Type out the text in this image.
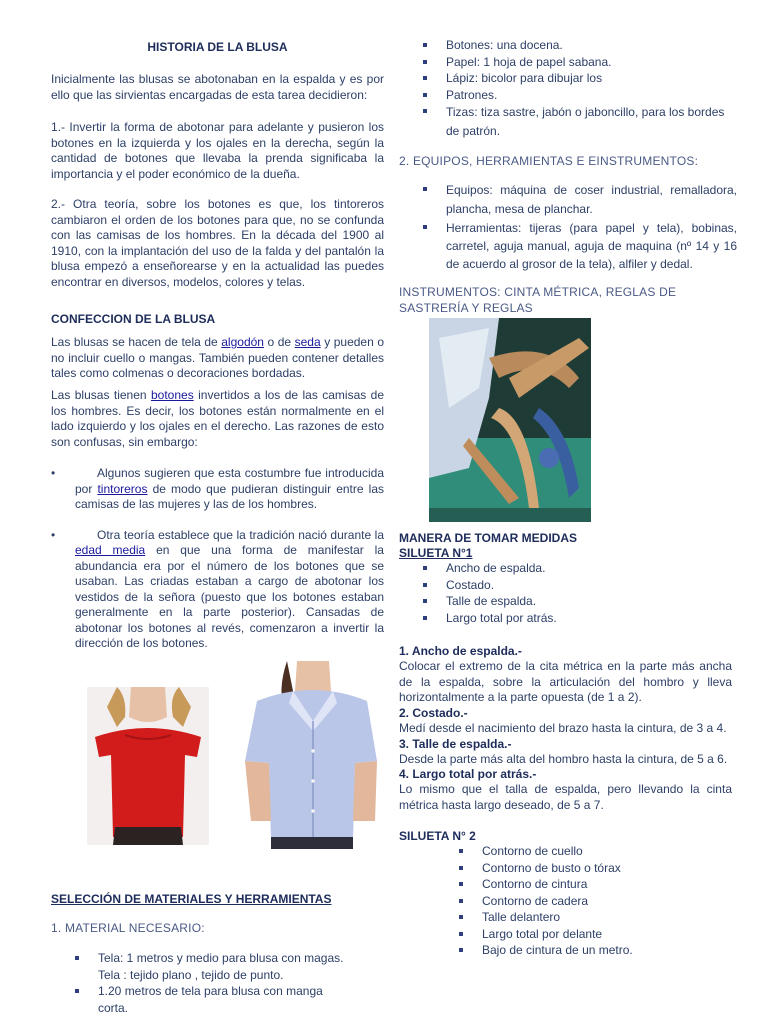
HISTORIA DE LA BLUSA

Inicialmente las blusas se abotonaban en la espalda y es por ello que las sirvientas encargadas de esta tarea decidieron:

1.- Invertir la forma de abotonar para adelante y pusieron los botones en la izquierda y los ojales en la derecha, según la cantidad de botones que llevaba la prenda significaba la importancia y el poder económico de la dueña.

2.- Otra teoría, sobre los botones es que, los tintoreros cambiaron el orden de los botones para que, no se confunda con las camisas de los hombres. En la década del 1900 al 1910, con la implantación del uso de la falda y del pantalón la blusa empezó a enseñorearse y en la actualidad las puedes encontrar en diversos, modelos, colores y telas.

CONFECCION DE LA BLUSA

Las blusas se hacen de tela de algodón o de seda y pueden o no incluir cuello o mangas. También pueden contener detalles tales como colmenas o decoraciones bordadas.

Las blusas tienen botones invertidos a los de las camisas de los hombres. Es decir, los botones están normalmente en el lado izquierdo y los ojales en el derecho. Las razones de esto son confusas, sin embargo:

• Algunos sugieren que esta costumbre fue introducida por tintoreros de modo que pudieran distinguir entre las camisas de las mujeres y las de los hombres.
• Otra teoría establece que la tradición nació durante la edad media en que una forma de manifestar la abundancia era por el número de los botones que se usaban. Las criadas estaban a cargo de abotonar los vestidos de la señora (puesto que los botones estaban generalmente en la parte posterior). Cansadas de abotonar los botones al revés, comenzaron a invertir la dirección de los botones.

SELECCIÓN DE MATERIALES Y HERRAMIENTAS

1. MATERIAL NECESARIO:

Tela: 1 metros y medio para blusa con magas.
Tela : tejido plano , tejido de punto.
1.20 metros de tela para blusa con manga corta.
Botones: una docena.
Papel: 1 hoja de papel sabana.
Lápiz: bicolor para dibujar los
Patrones.
Tizas: tiza sastre, jabón o jaboncillo, para los bordes de patrón.

2. EQUIPOS, HERRAMIENTAS E EINSTRUMENTOS:

Equipos: máquina de coser industrial, remalladora, plancha, mesa de planchar.
Herramientas: tijeras (para papel y tela), bobinas, carretel, aguja manual, aguja de maquina (nº 14 y 16 de acuerdo al grosor de la tela), alfiler y dedal.

INSTRUMENTOS: CINTA MÉTRICA, REGLAS DE SASTRERÍA Y REGLAS

MANERA DE TOMAR MEDIDAS

SILUETA N°1

Ancho de espalda.
Costado.
Talle de espalda.
Largo total por atrás.

1. Ancho de espalda.-

Colocar el extremo de la cita métrica en la parte más ancha de la espalda, sobre la articulación del hombro y lleva horizontalmente a la parte opuesta (de 1 a 2).

2. Costado.-

Medí desde el nacimiento del brazo hasta la cintura, de 3 a 4.

3. Talle de espalda.-

Desde la parte más alta del hombro hasta la cintura, de 5 a 6.

4. Largo total por atrás.-

Lo mismo que el talla de espalda, pero llevando la cinta métrica hasta largo deseado, de 5 a 7.

SILUETA N° 2

Contorno de cuello
Contorno de busto o tórax
Contorno de cintura
Contorno de cadera
Talle delantero
Largo total por delante
Bajo de cintura de un metro.
